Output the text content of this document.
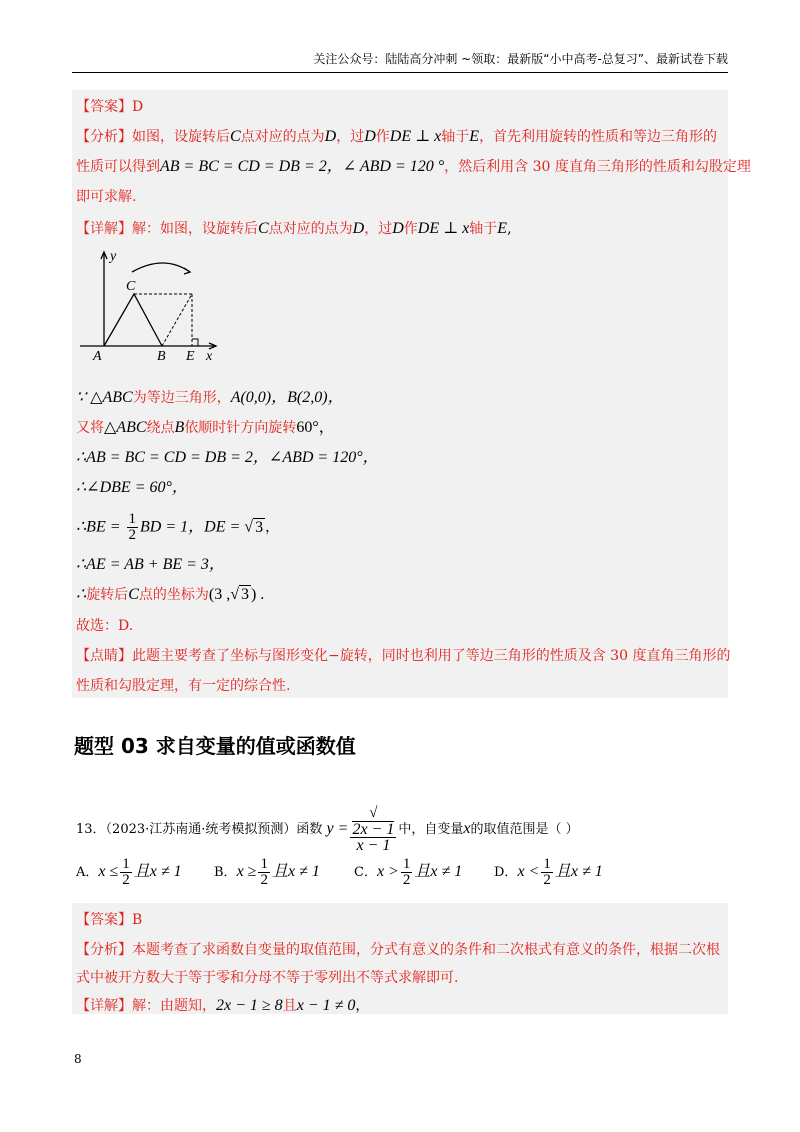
关注公众号：陆陆高分冲刺 ~领取：最新版“小中高考-总复习”、最新试卷下载
【答案】D
【分析】如图，设旋转后C点对应的点为D，过D作DE ⊥ x轴于E，首先利用旋转的性质和等边三角形的
性质可以得到AB = BC = CD = DB = 2，∠ ABD = 120 °，然后利用含 30 度直角三角形的性质和勾股定理
即可求解.
【详解】解：如图，设旋转后C点对应的点为D，过D作DE ⊥ x轴于E,
y
x
A	B
C
E
∵ △ABC为等边三角形，A(0,0)，B(2,0)，
又将△ABC绕点B依顺时针方向旋转60°，
∴AB = BC = CD = DB = 2，∠ABD = 120°，
∴∠DBE = 60°，
∴BE = $\frac{1}{2}$ BD = 1，DE = √ 3 ，
∴AE = AB + BE = 3，
∴旋转后C点的坐标为(3 ,√ 3 ) .
故选：D.
【点睛】此题主要考查了坐标与图形变化−旋转，同时也利用了等边三角形的性质及含 30 度直角三角形的
性质和勾股定理，有一定的综合性.
题型 03 求自变量的值或函数值
13．（2023·江苏南通·统考模拟预测）函数 y = √
2x − 1
x − 1 中，自变量x的取值范围是（ ）
A．$x \le \frac{1}{2}$ 且x ≠ 1 B．$x \ge \frac{1}{2}$ 且x ≠ 1	C．$x > \frac{1}{2}$ 且x ≠ 1 D．$x < \frac{1}{2}$ 且x ≠ 1
【答案】B
【分析】本题考查了求函数自变量的取值范围，分式有意义的条件和二次根式有意义的条件，根据二次根
式中被开方数大于等于零和分母不等于零列出不等式求解即可.
【详解】解：由题知，2x − 1 ≥ 8且x − 1 ≠ 0，
8
